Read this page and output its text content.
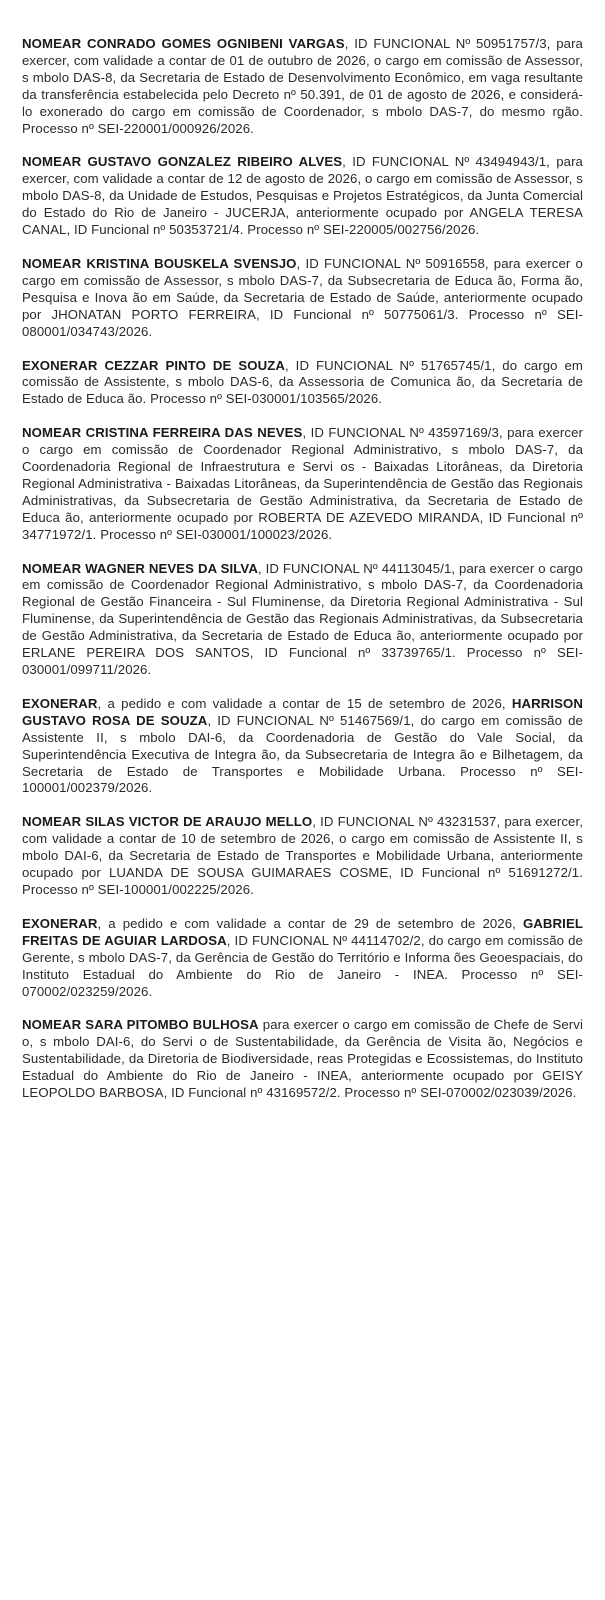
NOMEAR CONRADO GOMES OGNIBENI VARGAS, ID FUNCIONAL Nº 50951757/3, para exercer, com validade a contar de 01 de outubro de 2026, o cargo em comissão de Assessor, s mbolo DAS-8, da Secretaria de Estado de Desenvolvimento Econômico, em vaga resultante da transferência estabelecida pelo Decreto nº 50.391, de 01 de agosto de 2026, e considerá-lo exonerado do cargo em comissão de Coordenador, s mbolo DAS-7, do mesmo rgão. Processo nº SEI-220001/000926/2026.

NOMEAR GUSTAVO GONZALEZ RIBEIRO ALVES, ID FUNCIONAL Nº 43494943/1, para exercer, com validade a contar de 12 de agosto de 2026, o cargo em comissão de Assessor, s mbolo DAS-8, da Unidade de Estudos, Pesquisas e Projetos Estratégicos, da Junta Comercial do Estado do Rio de Janeiro - JUCERJA, anteriormente ocupado por ANGELA TERESA CANAL, ID Funcional nº 50353721/4. Processo nº SEI-220005/002756/2026.

NOMEAR KRISTINA BOUSKELA SVENSJO, ID FUNCIONAL Nº 50916558, para exercer o cargo em comissão de Assessor, s mbolo DAS-7, da Subsecretaria de Educa ão, Forma ão, Pesquisa e Inova ão em Saúde, da Secretaria de Estado de Saúde, anteriormente ocupado por JHONATAN PORTO FERREIRA, ID Funcional nº 50775061/3. Processo nº SEI-080001/034743/2026.

EXONERAR CEZZAR PINTO DE SOUZA, ID FUNCIONAL Nº 51765745/1, do cargo em comissão de Assistente, s mbolo DAS-6, da Assessoria de Comunica ão, da Secretaria de Estado de Educa ão. Processo nº SEI-030001/103565/2026.

NOMEAR CRISTINA FERREIRA DAS NEVES, ID FUNCIONAL Nº 43597169/3, para exercer o cargo em comissão de Coordenador Regional Administrativo, s mbolo DAS-7, da Coordenadoria Regional de Infraestrutura e Servi os - Baixadas Litorâneas, da Diretoria Regional Administrativa - Baixadas Litorâneas, da Superintendência de Gestão das Regionais Administrativas, da Subsecretaria de Gestão Administrativa, da Secretaria de Estado de Educa ão, anteriormente ocupado por ROBERTA DE AZEVEDO MIRANDA, ID Funcional nº 34771972/1. Processo nº SEI-030001/100023/2026.

NOMEAR WAGNER NEVES DA SILVA, ID FUNCIONAL Nº 44113045/1, para exercer o cargo em comissão de Coordenador Regional Administrativo, s mbolo DAS-7, da Coordenadoria Regional de Gestão Financeira - Sul Fluminense, da Diretoria Regional Administrativa - Sul Fluminense, da Superintendência de Gestão das Regionais Administrativas, da Subsecretaria de Gestão Administrativa, da Secretaria de Estado de Educa ão, anteriormente ocupado por ERLANE PEREIRA DOS SANTOS, ID Funcional nº 33739765/1. Processo nº SEI-030001/099711/2026.

EXONERAR, a pedido e com validade a contar de 15 de setembro de 2026, HARRISON GUSTAVO ROSA DE SOUZA, ID FUNCIONAL Nº 51467569/1, do cargo em comissão de Assistente II, s mbolo DAI-6, da Coordenadoria de Gestão do Vale Social, da Superintendência Executiva de Integra ão, da Subsecretaria de Integra ão e Bilhetagem, da Secretaria de Estado de Transportes e Mobilidade Urbana. Processo nº SEI-100001/002379/2026.

NOMEAR SILAS VICTOR DE ARAUJO MELLO, ID FUNCIONAL Nº 43231537, para exercer, com validade a contar de 10 de setembro de 2026, o cargo em comissão de Assistente II, s mbolo DAI-6, da Secretaria de Estado de Transportes e Mobilidade Urbana, anteriormente ocupado por LUANDA DE SOUSA GUIMARAES COSME, ID Funcional nº 51691272/1. Processo nº SEI-100001/002225/2026.

EXONERAR, a pedido e com validade a contar de 29 de setembro de 2026, GABRIEL FREITAS DE AGUIAR LARDOSA, ID FUNCIONAL Nº 44114702/2, do cargo em comissão de Gerente, s mbolo DAS-7, da Gerência de Gestão do Território e Informa ões Geoespaciais, do Instituto Estadual do Ambiente do Rio de Janeiro - INEA. Processo nº SEI-070002/023259/2026.

NOMEAR SARA PITOMBO BULHOSA para exercer o cargo em comissão de Chefe de Servi o, s mbolo DAI-6, do Servi o de Sustentabilidade, da Gerência de Visita ão, Negócios e Sustentabilidade, da Diretoria de Biodiversidade, reas Protegidas e Ecossistemas, do Instituto Estadual do Ambiente do Rio de Janeiro - INEA, anteriormente ocupado por GEISY LEOPOLDO BARBOSA, ID Funcional nº 43169572/2. Processo nº SEI-070002/023039/2026.
